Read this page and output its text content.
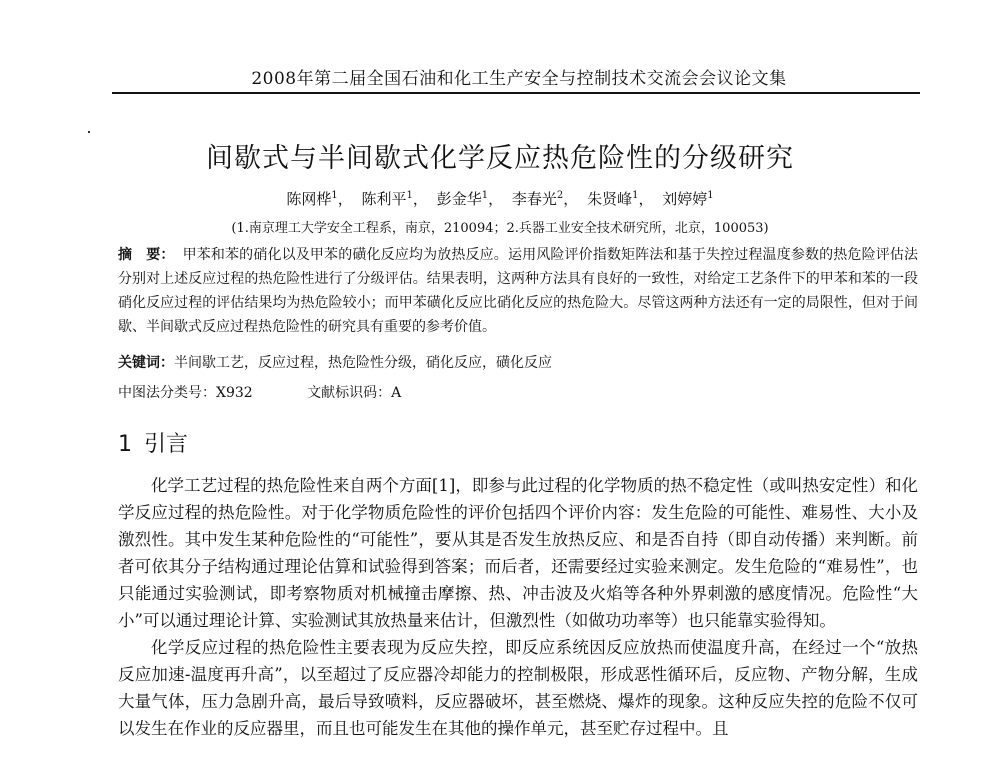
2008年第二届全国石油和化工生产安全与控制技术交流会会议论文集
间歇式与半间歇式化学反应热危险性的分级研究
陈网桦$^1$， 陈利平$^1$， 彭金华$^1$， 李春光$^2$， 朱贤峰$^1$， 刘婷婷$^1$
(1.南京理工大学安全工程系，南京，210094；2.兵器工业安全技术研究所，北京，100053)
摘　要： 甲苯和苯的硝化以及甲苯的磺化反应均为放热反应。运用风险评价指数矩阵法和基于失控过程温度参数的热危险评估法分别对上述反应过程的热危险性进行了分级评估。结果表明，这两种方法具有良好的一致性，对给定工艺条件下的甲苯和苯的一段硝化反应过程的评估结果均为热危险较小；而甲苯磺化反应比硝化反应的热危险大。尽管这两种方法还有一定的局限性，但对于间歇、半间歇式反应过程热危险性的研究具有重要的参考价值。
关键词：半间歇工艺，反应过程，热危险性分级，硝化反应，磺化反应
中图法分类号：X932	文献标识码：A
1 引言

化学工艺过程的热危险性来自两个方面[1]，即参与此过程的化学物质的热不稳定性（或叫热安定性）和化学反应过程的热危险性。对于化学物质危险性的评价包括四个评价内容：发生危险的可能性、难易性、大小及激烈性。其中发生某种危险性的“可能性”，要从其是否发生放热反应、和是否自持（即自动传播）来判断。前者可依其分子结构通过理论估算和试验得到答案；而后者，还需要经过实验来测定。发生危险的“难易性”，也只能通过实验测试，即考察物质对机械撞击摩擦、热、冲击波及火焰等各种外界刺激的感度情况。危险性“大小”可以通过理论计算、实验测试其放热量来估计，但激烈性（如做功功率等）也只能靠实验得知。

化学反应过程的热危险性主要表现为反应失控，即反应系统因反应放热而使温度升高，在经过一个“放热反应加速-温度再升高”，以至超过了反应器冷却能力的控制极限，形成恶性循环后，反应物、产物分解，生成大量气体，压力急剧升高，最后导致喷料，反应器破坏，甚至燃烧、爆炸的现象。这种反应失控的危险不仅可以发生在作业的反应器里，而且也可能发生在其他的操作单元，甚至贮存过程中。且
